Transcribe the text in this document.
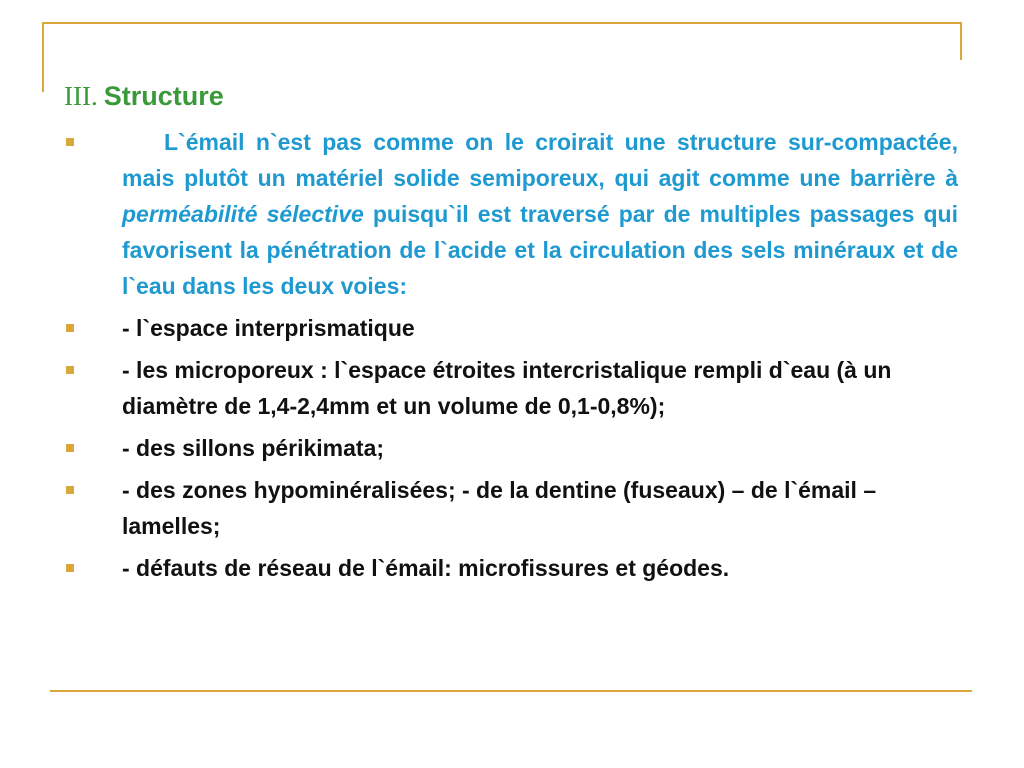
III. Structure
L`émail n`est pas comme on le croirait une structure sur-compactée, mais plutôt un matériel solide semiporeux, qui agit comme une barrière à perméabilité sélective puisqu`il est traversé par de multiples passages qui favorisent la pénétration de l`acide et la circulation des sels minéraux et de l`eau dans les deux voies:
- l`espace interprismatique
- les microporeux : l`espace étroites intercristalique rempli d`eau (à un diamètre de 1,4-2,4mm et un volume de 0,1-0,8%);
- des sillons périkimata;
- des zones hypominéralisées; - de la dentine (fuseaux) – de l`émail –lamelles;
- défauts de réseau de l`émail: microfissures et géodes.
